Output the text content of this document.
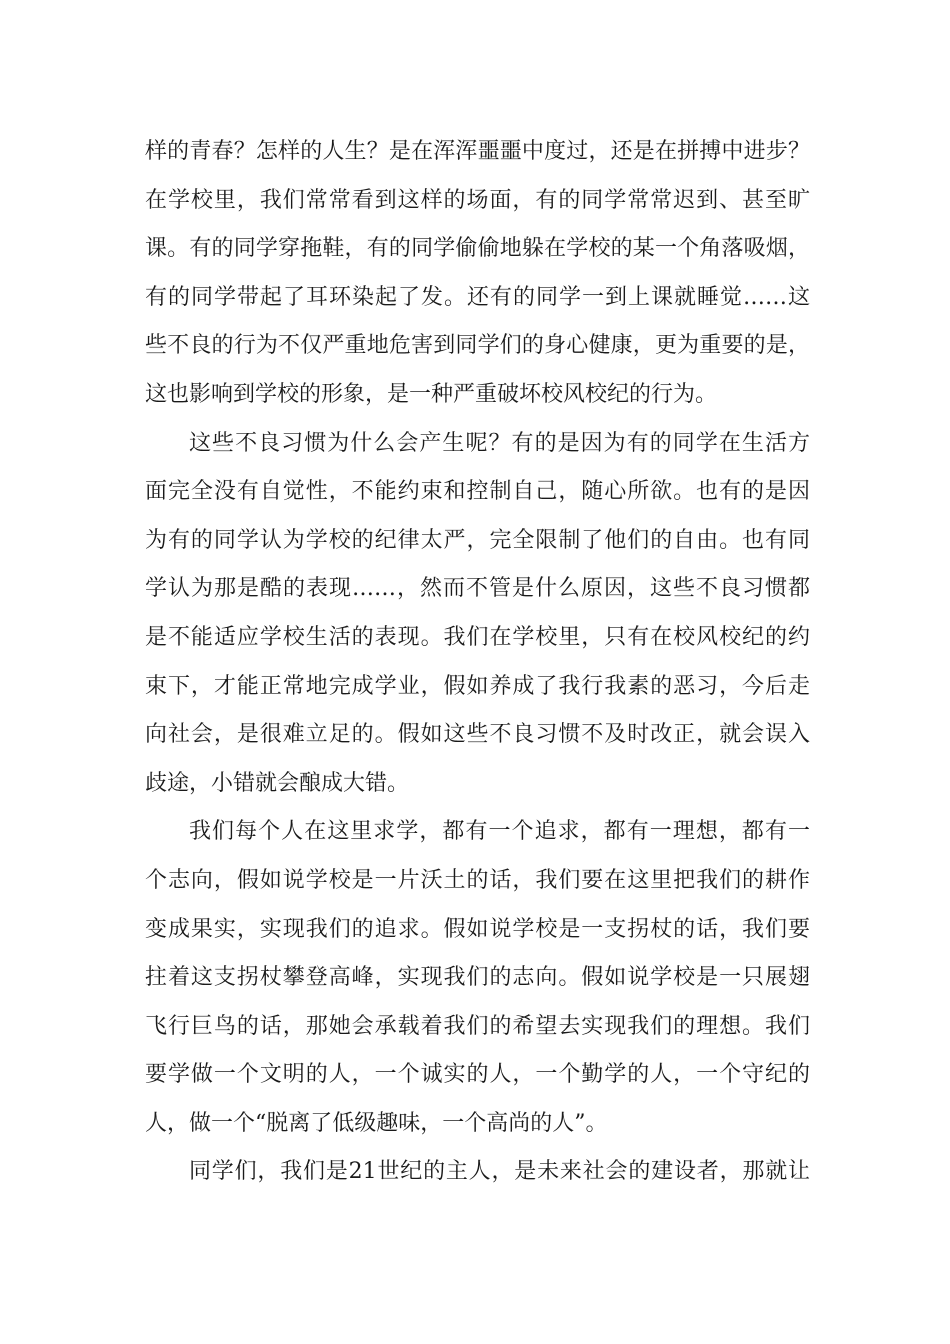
样的青春？怎样的人生？是在浑浑噩噩中度过，还是在拼搏中进步？
在学校里，我们常常看到这样的场面，有的同学常常迟到、甚至旷
课。有的同学穿拖鞋，有的同学偷偷地躲在学校的某一个角落吸烟，
有的同学带起了耳环染起了发。还有的同学一到上课就睡觉……这
些不良的行为不仅严重地危害到同学们的身心健康，更为重要的是，
这也影响到学校的形象，是一种严重破坏校风校纪的行为。
这些不良习惯为什么会产生呢？有的是因为有的同学在生活方
面完全没有自觉性，不能约束和控制自己，随心所欲。也有的是因
为有的同学认为学校的纪律太严，完全限制了他们的自由。也有同
学认为那是酷的表现……，然而不管是什么原因，这些不良习惯都
是不能适应学校生活的表现。我们在学校里，只有在校风校纪的约
束下，才能正常地完成学业，假如养成了我行我素的恶习，今后走
向社会，是很难立足的。假如这些不良习惯不及时改正，就会误入
歧途，小错就会酿成大错。
我们每个人在这里求学，都有一个追求，都有一理想，都有一
个志向，假如说学校是一片沃土的话，我们要在这里把我们的耕作
变成果实，实现我们的追求。假如说学校是一支拐杖的话，我们要
拄着这支拐杖攀登高峰，实现我们的志向。假如说学校是一只展翅
飞行巨鸟的话，那她会承载着我们的希望去实现我们的理想。我们
要学做一个文明的人，一个诚实的人，一个勤学的人，一个守纪的
人，做一个“脱离了低级趣味，一个高尚的人”。
同学们，我们是21世纪的主人，是未来社会的建设者，那就让
